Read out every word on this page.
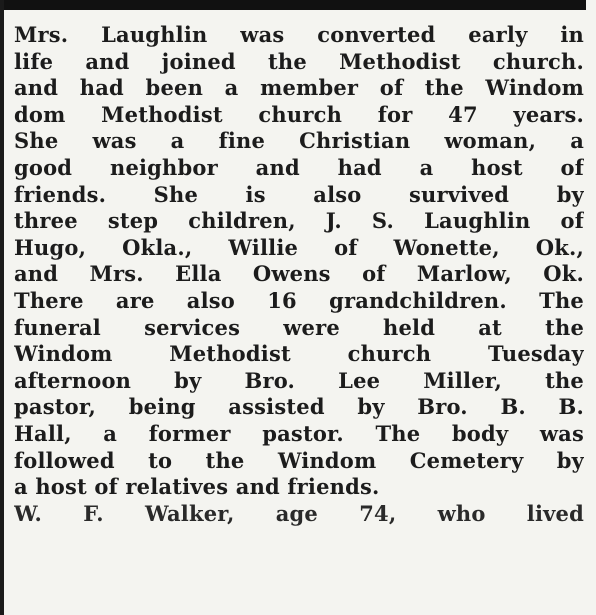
Mrs. Laughlin was converted early in
life and joined the Methodist church.
and had been a member of the Windom
dom Methodist church for 47 years.
She was a fine Christian woman, a
good neighbor and had a host of
friends. She is also survived by
three step children, J. S. Laughlin of
Hugo, Okla., Willie of Wonette, Ok.,
and Mrs. Ella Owens of Marlow, Ok.
There are also 16 grandchildren. The
funeral services were held at the
Windom Methodist church Tuesday
afternoon by Bro. Lee Miller, the
pastor, being assisted by Bro. B. B.
Hall, a former pastor. The body was
followed to the Windom Cemetery by
a host of relatives and friends.
W. F. Walker, age 74, who lived
